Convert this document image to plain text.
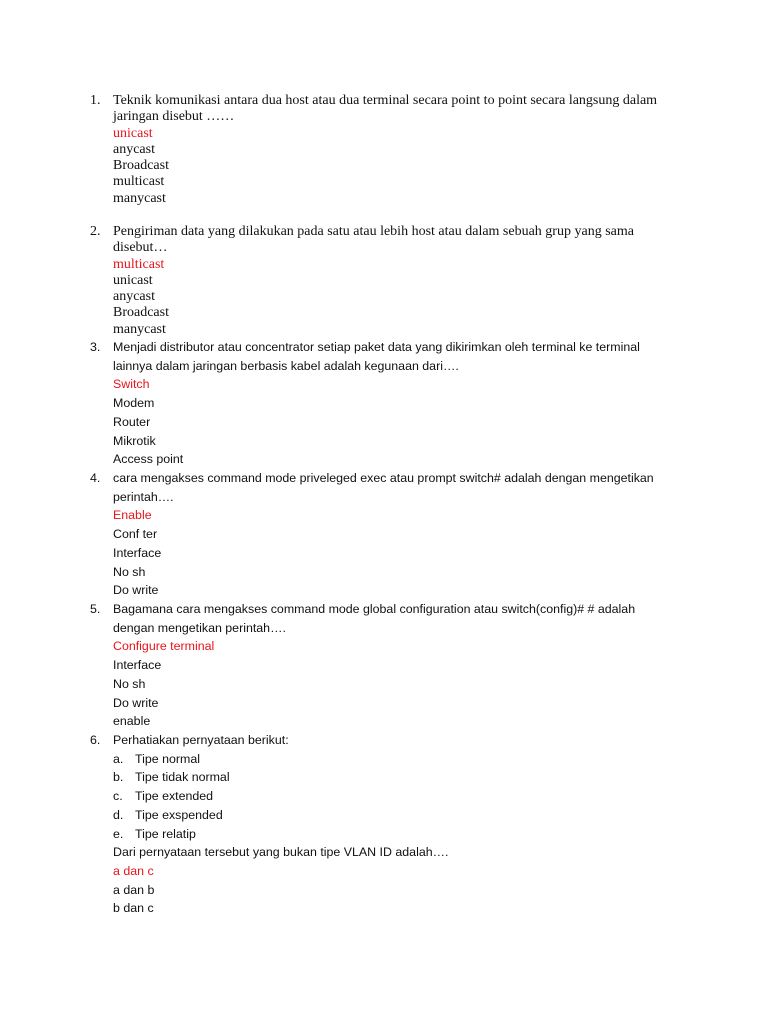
1. Teknik komunikasi antara dua host atau dua terminal secara point to point secara langsung dalam
jaringan disebut ……
unicast
anycast
Broadcast
multicast
manycast
2. Pengiriman data yang dilakukan pada satu atau lebih host atau dalam sebuah grup yang sama
disebut…
multicast
unicast
anycast
Broadcast
manycast
3.	Menjadi distributor atau concentrator setiap paket data yang dikirimkan oleh terminal ke terminal
lainnya dalam jaringan berbasis kabel adalah kegunaan dari….
Switch
Modem
Router
Mikrotik
Access point
4.	cara mengakses command mode priveleged exec atau prompt switch# adalah dengan mengetikan
perintah….
Enable
Conf ter
Interface
No sh
Do write
5.	Bagamana cara mengakses command mode global configuration atau switch(config)# # adalah
dengan mengetikan perintah….
Configure terminal
Interface
No sh
Do write
enable
6.	Perhatiakan pernyataan berikut:
a. Tipe normal
b. Tipe tidak normal
c. Tipe extended
d. Tipe exspended
e. Tipe relatip
Dari pernyataan tersebut yang bukan tipe VLAN ID adalah….
a dan c
a dan b
b dan c
